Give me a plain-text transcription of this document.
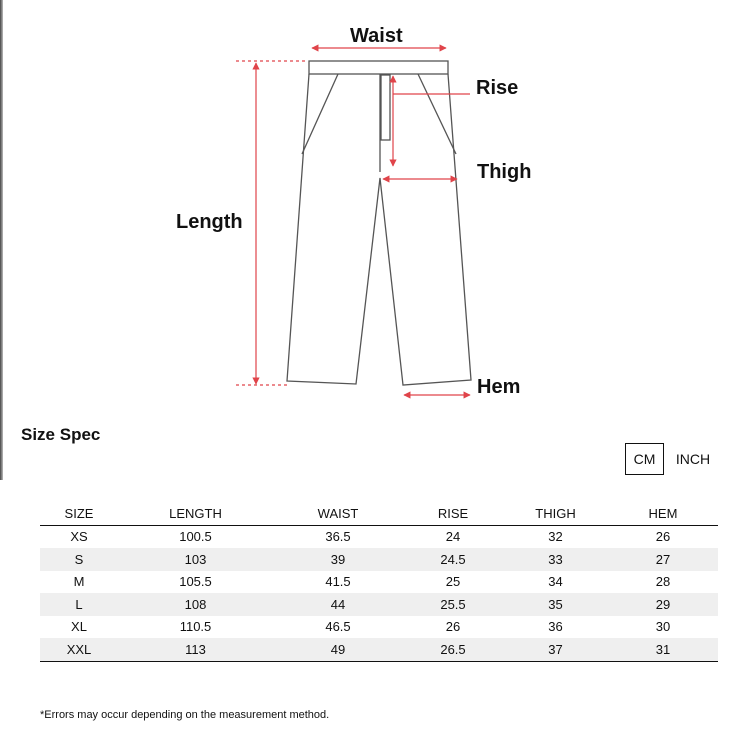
Waist
Rise
Thigh
Length
Hem
Size Spec
CM	INCH
SIZE	LENGTH	WAIST	RISE	THIGH	HEM
XS	100.5	36.5	24	32	26
S	103	39	24.5	33	27
M	105.5	41.5	25	34	28
L	108	44	25.5	35	29
XL	110.5	46.5	26	36	30
XXL	113	49	26.5	37	31
*Errors may occur depending on the measurement method.
